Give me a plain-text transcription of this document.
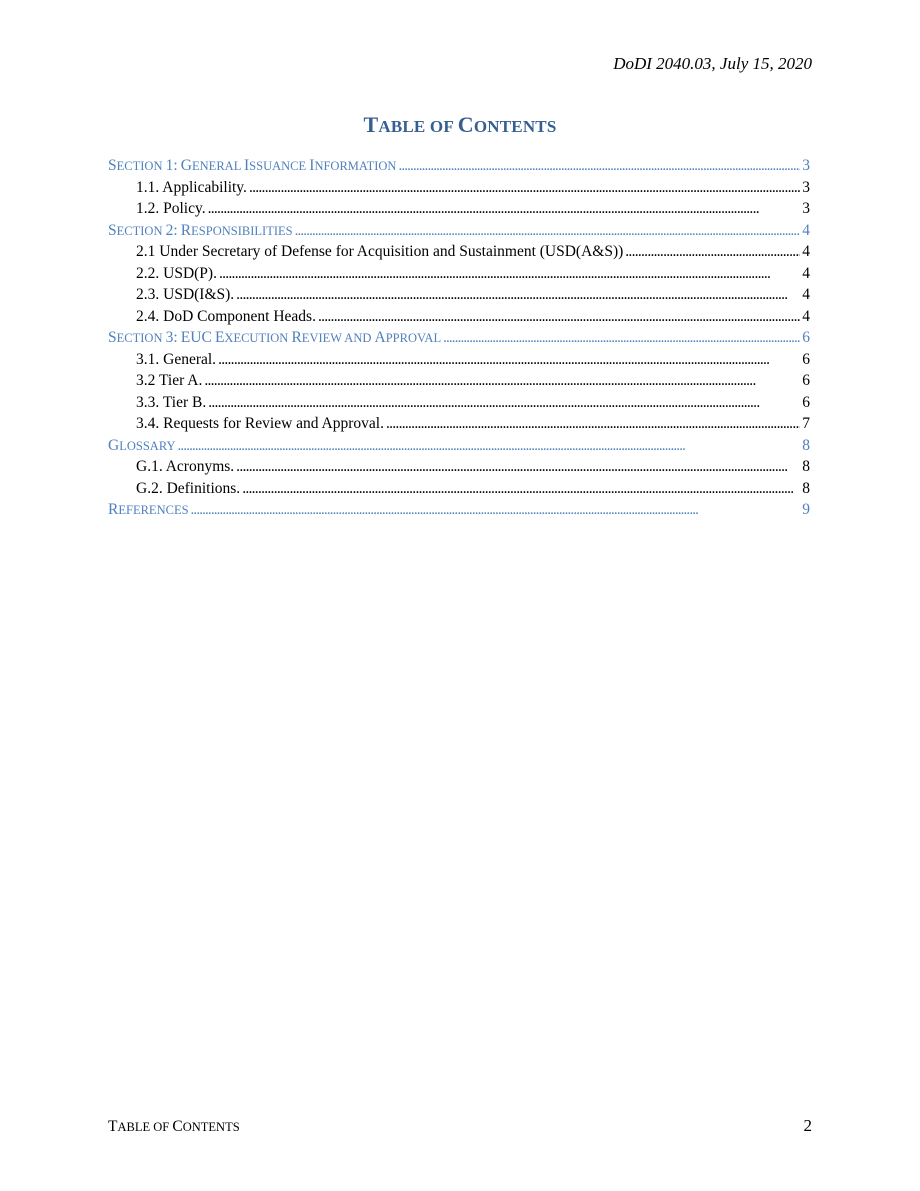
DoDI 2040.03, July 15, 2020
TABLE OF CONTENTS
SECTION 1: GENERAL ISSUANCE INFORMATION . . .	3
1.1. Applicability. . . .	3
1.2. Policy. . . .	3
SECTION 2: RESPONSIBILITIES . . .	4
2.1 Under Secretary of Defense for Acquisition and Sustainment (USD(A&S)) . . .	4
2.2. USD(P). . . .	4
2.3. USD(I&S). . . .	4
2.4. DoD Component Heads. . . .	4
SECTION 3: EUC EXECUTION REVIEW AND APPROVAL . . .	6
3.1. General. . . .	6
3.2 Tier A. . . .	6
3.3. Tier B. . . .	6
3.4. Requests for Review and Approval. . . .	7
GLOSSARY . . .	8
G.1. Acronyms. . . .	8
G.2. Definitions. . . .	8
REFERENCES . . .	9
TABLE OF CONTENTS	2
